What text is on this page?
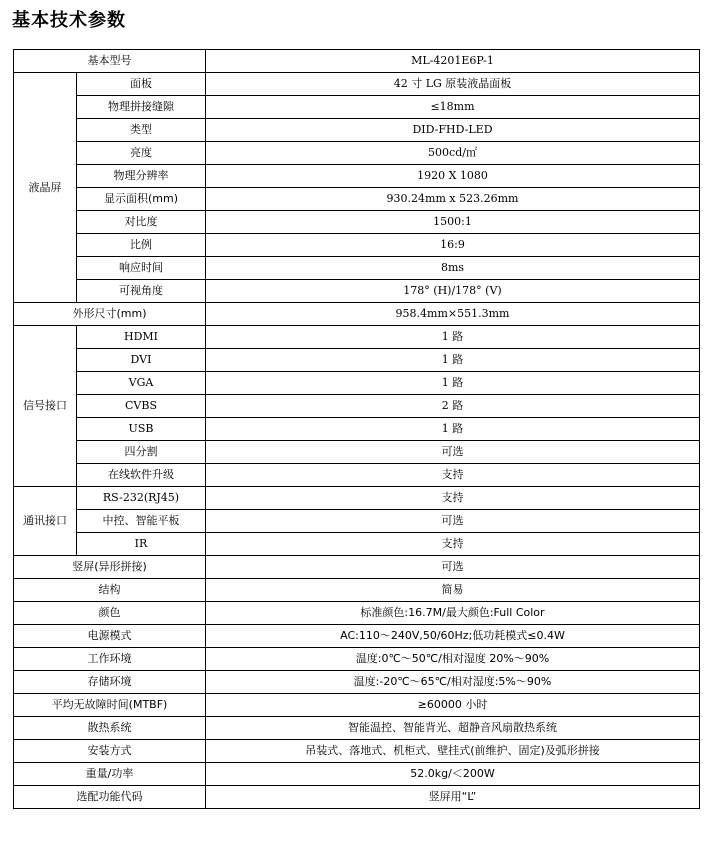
基本技术参数
基本型号		ML-4201E6P-1
液晶屏	面板	42 寸 LG 原装液晶面板
	物理拼接缝隙	≤18mm
	类型	DID-FHD-LED
	亮度	500cd/㎡
	物理分辨率	1920 X 1080
	显示面积(mm)	930.24mm x 523.26mm
	对比度	1500:1
	比例	16:9
	响应时间	8ms
	可视角度	178° (H)/178° (V)
外形尺寸(mm)		958.4mm×551.3mm
信号接口	HDMI	1 路
	DVI	1 路
	VGA	1 路
	CVBS	2 路
	USB	1 路
	四分割	可选
	在线软件升级	支持
通讯接口	RS-232(RJ45)	支持
	中控、智能平板	可选
	IR	支持
竖屏(异形拼接)		可选
结构		简易
颜色		标准颜色:16.7M/最大颜色:Full Color
电源模式		AC:110～240V,50/60Hz;低功耗模式≤0.4W
工作环境		温度:0℃～50℃/相对湿度 20%～90%
存储环境		温度:-20℃～65℃/相对湿度:5%～90%
平均无故障时间(MTBF)		≥60000 小时
散热系统		智能温控、智能背光、超静音风扇散热系统
安装方式		吊装式、落地式、机柜式、壁挂式(前维护、固定)及弧形拼接
重量/功率		52.0kg/＜200W
选配功能代码		竖屏用“L”
